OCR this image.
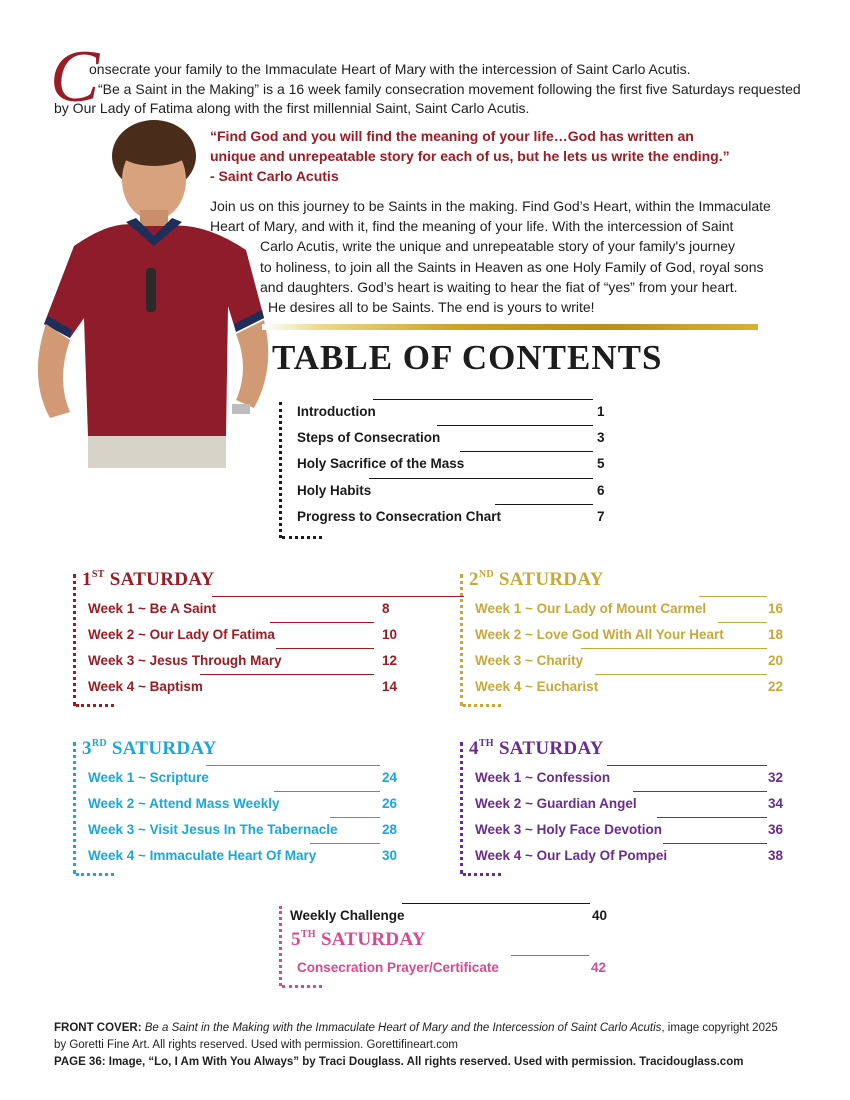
C
onsecrate your family to the Immaculate Heart of Mary with the intercession of Saint Carlo Acutis.
“Be a Saint in the Making” is a 16 week family consecration movement following the first five Saturdays requested
by Our Lady of Fatima along with the first millennial Saint, Saint Carlo Acutis.
“Find God and you will find the meaning of your life…God has written an
unique and unrepeatable story for each of us, but he lets us write the ending.”
- Saint Carlo Acutis
Join us on this journey to be Saints in the making. Find God’s Heart, within the Immaculate
Heart of Mary, and with it, find the meaning of your life. With the intercession of Saint
Carlo Acutis, write the unique and unrepeatable story of your family's journey
to holiness, to join all the Saints in Heaven as one Holy Family of God, royal sons
and daughters. God’s heart is waiting to hear the fiat of “yes” from your heart.
He desires all to be Saints. The end is yours to write!
TABLE OF CONTENTS
Introduction	1
Steps of Consecration	3
Holy Sacrifice of the Mass	5
Holy Habits	6
Progress to Consecration Chart	7
1ST SATURDAY
Week 1 ~ Be A Saint	8
Week 2 ~ Our Lady Of Fatima	10
Week 3 ~ Jesus Through Mary	12
Week 4 ~ Baptism	14
2ND SATURDAY
Week 1 ~ Our Lady of Mount Carmel	16
Week 2 ~ Love God With All Your Heart	18
Week 3 ~ Charity	20
Week 4 ~ Eucharist	22
3RD SATURDAY
Week 1 ~ Scripture	24
Week 2 ~ Attend Mass Weekly	26
Week 3 ~ Visit Jesus In The Tabernacle	28
Week 4 ~ Immaculate Heart Of Mary	30
4TH SATURDAY
Week 1 ~ Confession	32
Week 2 ~ Guardian Angel	34
Week 3 ~ Holy Face Devotion	36
Week 4 ~ Our Lady Of Pompei	38
Weekly Challenge	40
5TH SATURDAY
Consecration Prayer/Certificate	42
FRONT COVER: Be a Saint in the Making with the Immaculate Heart of Mary and the Intercession of Saint Carlo Acutis, image copyright 2025
by Goretti Fine Art. All rights reserved. Used with permission. Gorettifineart.com
PAGE 36: Image, “Lo, I Am With You Always” by Traci Douglass. All rights reserved. Used with permission. Tracidouglass.com
